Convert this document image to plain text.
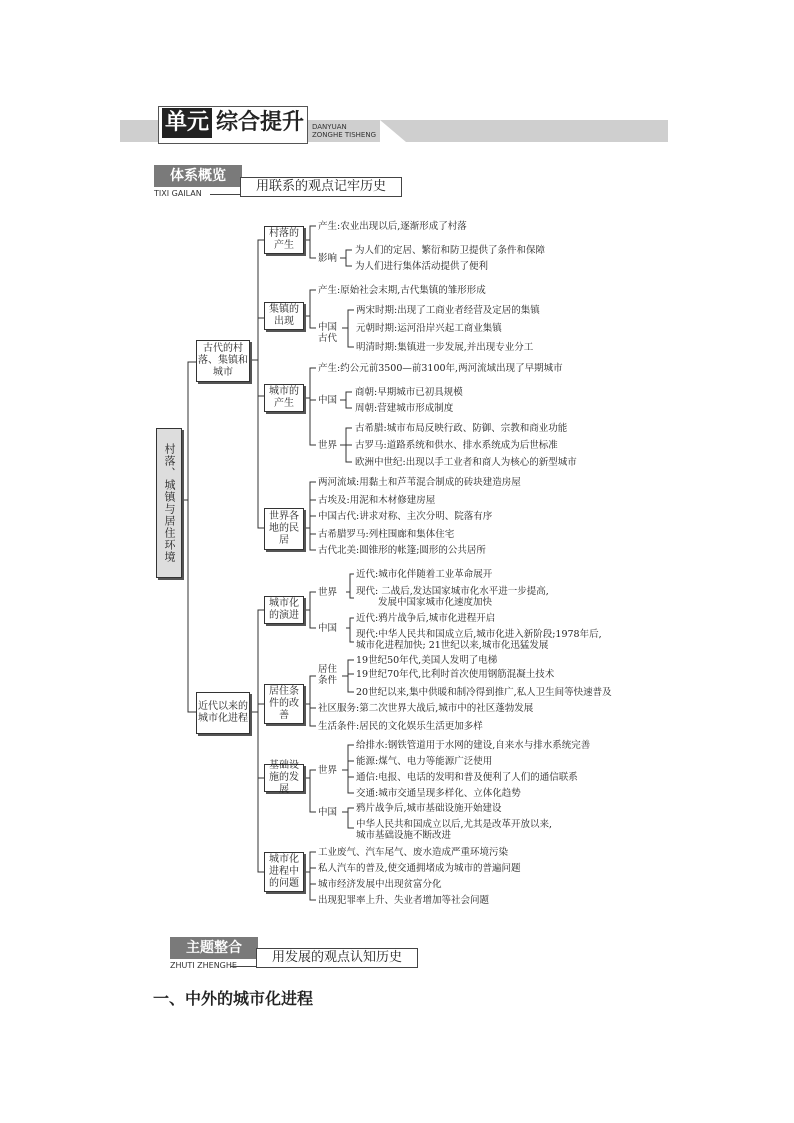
单元 综合提升 DANYUAN
ZONGHE TISHENG
体系概览
TIXI GAILAN	用联系的观点记牢历史
村落、城镇与居住环境
古代的村落、集镇和城市
近代以来的城市化进程
村落的产生
集镇的出现
城市的产生
世界各地的民居
城市化的演进
居住条件的改善
基础设施的发展
城市化进程中的问题
产生:农业出现以后,逐渐形成了村落
影响
为人们的定居、繁衍和防卫提供了条件和保障
为人们进行集体活动提供了便利
产生:原始社会末期,古代集镇的雏形形成
中国古代
两宋时期:出现了工商业者经营及定居的集镇
元朝时期:运河沿岸兴起工商业集镇
明清时期:集镇进一步发展,并出现专业分工
产生:约公元前3500—前3100年,两河流域出现了早期城市
中国
商朝:早期城市已初具规模
周朝:营建城市形成制度
世界
古希腊:城市布局反映行政、防御、宗教和商业功能
古罗马:道路系统和供水、排水系统成为后世标准
欧洲中世纪:出现以手工业者和商人为核心的新型城市
两河流域:用黏土和芦苇混合制成的砖块建造房屋
古埃及:用泥和木材修建房屋
中国古代:讲求对称、主次分明、院落有序
古希腊罗马:列柱围廊和集体住宅
古代北美:圆锥形的帐篷;圆形的公共居所
世界
近代:城市化伴随着工业革命展开
现代: 二战后,发达国家城市化水平进一步提高,
发展中国家城市化速度加快
中国
近代:鸦片战争后,城市化进程开启
现代:中华人民共和国成立后,城市化进入新阶段;1978年后,
城市化进程加快; 21世纪以来,城市化迅猛发展
居住条件
19世纪50年代,美国人发明了电梯
19世纪70年代,比利时首次使用钢筋混凝土技术
20世纪以来,集中供暖和制冷得到推广,私人卫生间等快速普及
社区服务:第二次世界大战后,城市中的社区蓬勃发展
生活条件:居民的文化娱乐生活更加多样
世界
给排水:钢铁管道用于水网的建设,自来水与排水系统完善
能源:煤气、电力等能源广泛使用
通信:电报、电话的发明和普及便利了人们的通信联系
交通:城市交通呈现多样化、立体化趋势
中国 鸦片战争后,城市基础设施开始建设
中华人民共和国成立以后,尤其是改革开放以来,
城市基础设施不断改进
工业废气、汽车尾气、废水造成严重环境污染
私人汽车的普及,使交通拥堵成为城市的普遍问题
城市经济发展中出现贫富分化
出现犯罪率上升、失业者增加等社会问题
主题整合
ZHUTI ZHENGHE
用发展的观点认知历史
一、中外的城市化进程
